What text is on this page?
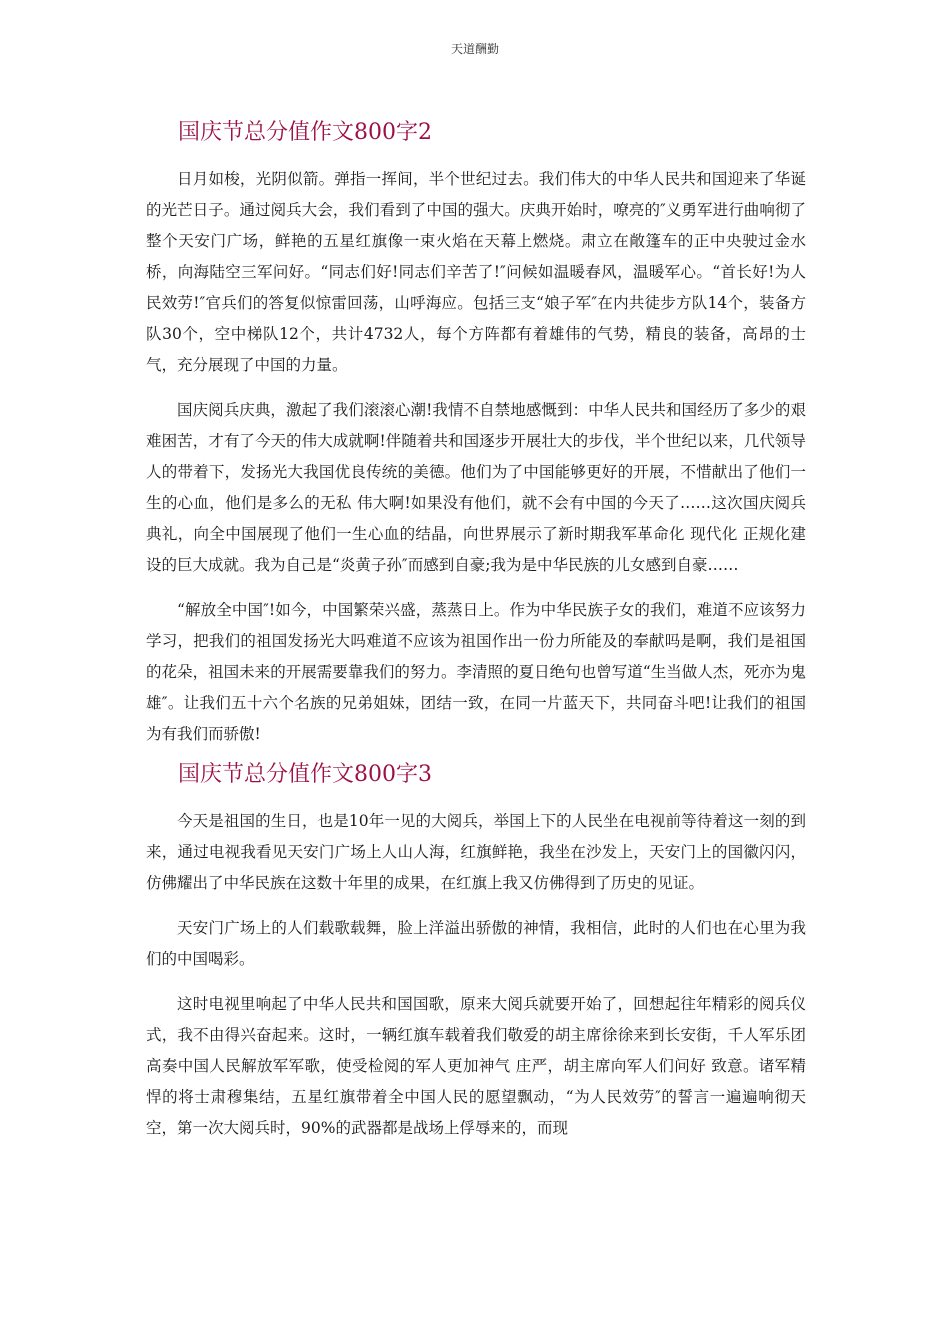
天道酬勤
国庆节总分值作文800字2

日月如梭，光阴似箭。弹指一挥间，半个世纪过去。我们伟大的中华人民共和国迎来了华诞的光芒日子。通过阅兵大会，我们看到了中国的强大。庆典开始时，嘹亮的″义勇军进行曲响彻了整个天安门广场，鲜艳的五星红旗像一束火焰在天幕上燃烧。肃立在敞篷车的正中央驶过金水桥，向海陆空三军问好。“同志们好!同志们辛苦了!″问候如温暖春风，温暖军心。“首长好!为人民效劳!″官兵们的答复似惊雷回荡，山呼海应。包括三支“娘子军″在内共徒步方队14个，装备方队30个，空中梯队12个，共计4732人，每个方阵都有着雄伟的气势，精良的装备，高昂的士气，充分展现了中国的力量。

国庆阅兵庆典，激起了我们滚滚心潮!我情不自禁地感慨到：中华人民共和国经历了多少的艰难困苦，才有了今天的伟大成就啊!伴随着共和国逐步开展壮大的步伐，半个世纪以来，几代领导人的带着下，发扬光大我国优良传统的美德。他们为了中国能够更好的开展，不惜献出了他们一生的心血，他们是多么的无私 伟大啊!如果没有他们，就不会有中国的今天了……这次国庆阅兵典礼，向全中国展现了他们一生心血的结晶，向世界展示了新时期我军革命化 现代化 正规化建设的巨大成就。我为自己是“炎黄子孙″而感到自豪;我为是中华民族的儿女感到自豪……

“解放全中国″!如今，中国繁荣兴盛，蒸蒸日上。作为中华民族子女的我们，难道不应该努力学习，把我们的祖国发扬光大吗难道不应该为祖国作出一份力所能及的奉献吗是啊，我们是祖国的花朵，祖国未来的开展需要靠我们的努力。李清照的夏日绝句也曾写道“生当做人杰，死亦为鬼雄″。让我们五十六个名族的兄弟姐妹，团结一致，在同一片蓝天下，共同奋斗吧!让我们的祖国为有我们而骄傲!

国庆节总分值作文800字3

今天是祖国的生日，也是10年一见的大阅兵，举国上下的人民坐在电视前等待着这一刻的到来，通过电视我看见天安门广场上人山人海，红旗鲜艳，我坐在沙发上，天安门上的国徽闪闪，仿佛耀出了中华民族在这数十年里的成果，在红旗上我又仿佛得到了历史的见证。

天安门广场上的人们载歌载舞，脸上洋溢出骄傲的神情，我相信，此时的人们也在心里为我们的中国喝彩。

这时电视里响起了中华人民共和国国歌，原来大阅兵就要开始了，回想起往年精彩的阅兵仪式，我不由得兴奋起来。这时，一辆红旗车载着我们敬爱的胡主席徐徐来到长安街，千人军乐团高奏中国人民解放军军歌，使受检阅的军人更加神气 庄严，胡主席向军人们问好 致意。诸军精悍的将士肃穆集结，五星红旗带着全中国人民的愿望飘动，“为人民效劳″的誓言一遍遍响彻天空，第一次大阅兵时，90%的武器都是战场上俘辱来的，而现
